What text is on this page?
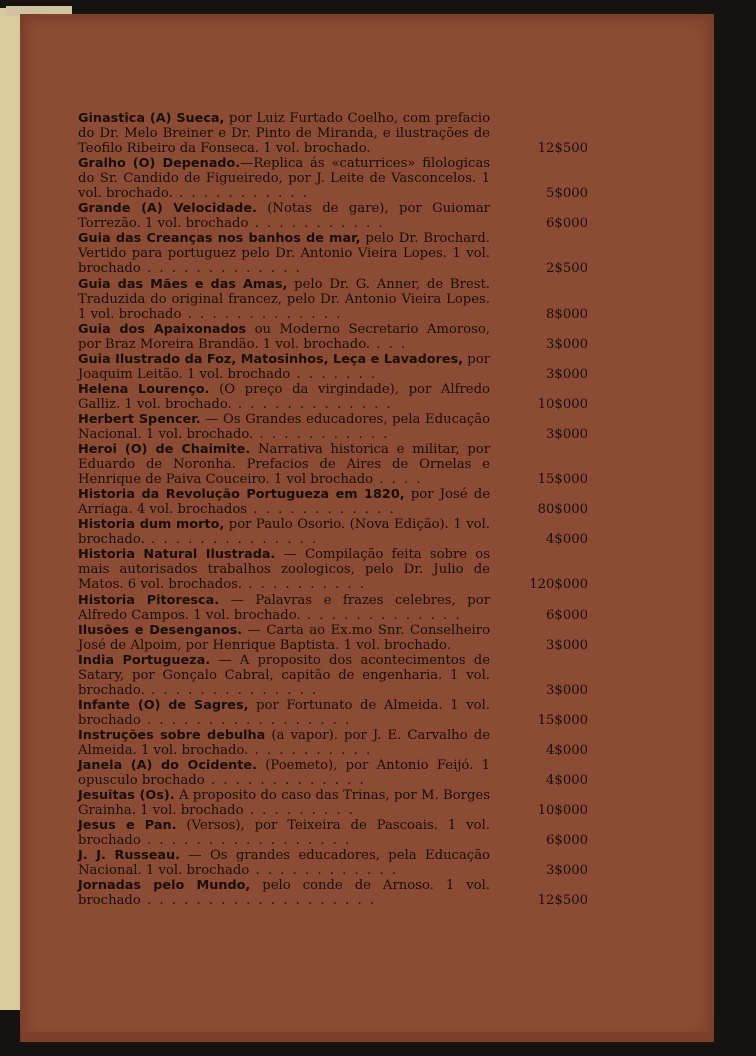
Ginastica (A) Sueca, por Luiz Furtado Coelho, com prefacio do Dr. Melo Breiner e Dr. Pinto de Miranda, e ilustrações de Teofilo Ribeiro da Fonseca. 1 vol. brochado.	12$500
Gralho (O) Depenado.—Replica ás «caturrices» filologicas do Sr. Candido de Figueiredo, por J. Leite de Vasconcelos. 1 vol. brochado. . . . . . . . . . . .	5$000
Grande (A) Velocidade. (Notas de gare), por Guiomar Torrezão. 1 vol. brochado . . . . . . . . . . .	6$000
Guia das Creanças nos banhos de mar, pelo Dr. Brochard. Vertido para portuguez pelo Dr. Antonio Vieira Lopes. 1 vol. brochado . . . . . . . . . . . . .	2$500
Guia das Mães e das Amas, pelo Dr. G. Anner, de Brest. Traduzida do original francez, pelo Dr. Antonio Vieira Lopes. 1 vol. brochado . . . . . . . . . . . . .	8$000
Guia dos Apaixonados ou Moderno Secretario Amoroso, por Braz Moreira Brandão. 1 vol. brochado. . . .	3$000
Guia Ilustrado da Foz, Matosinhos, Leça e Lavadores, por Joaquim Leitão. 1 vol. brochado . . . . . . .	3$000
Helena Lourenço. (O preço da virgindade), por Alfredo Galliz. 1 vol. brochado. . . . . . . . . . . . . .	10$000
Herbert Spencer. — Os Grandes educadores, pela Educação Nacional. 1 vol. brochado. . . . . . . . . . . .	3$000
Heroi (O) de Chaimite. Narrativa historica e militar, por Eduardo de Noronha. Prefacios de Aires de Ornelas e Henrique de Paiva Couceiro. 1 vol brochado . . . .	15$000
Historia da Revolução Portugueza em 1820, por José de Arriaga. 4 vol. brochados . . . . . . . . . . . .	80$000
Historia dum morto, por Paulo Osorio. (Nova Edição). 1 vol. brochado. . . . . . . . . . . . . . .	4$000
Historia Natural Ilustrada. — Compilação feita sobre os mais autorisados trabalhos zoologicos, pelo Dr. Julio de Matos. 6 vol. brochados. . . . . . . . . . .	120$000
Historia Pitoresca. — Palavras e frazes celebres, por Alfredo Campos. 1 vol. brochado. . . . . . . . . . . . . .	6$000
Ilusões e Desenganos. — Carta ao Ex.mo Snr. Conselheiro José de Alpoim, por Henrique Baptista. 1 vol. brochado.	3$000
India Portugueza. — A proposito dos acontecimentos de Satary, por Gonçalo Cabral, capitão de engenharia. 1 vol. brochado. . . . . . . . . . . . . . .	3$000
Infante (O) de Sagres, por Fortunato de Almeida. 1 vol. brochado . . . . . . . . . . . . . . . . .	15$000
Instruções sobre debulha (a vapor). por J. E. Carvalho de Almeida. 1 vol. brochado. . . . . . . . . . .	4$000
Janela (A) do Ocidente. (Poemeto), por Antonio Feijó. 1 opusculo brochado . . . . . . . . . . . . .	4$000
Jesuitas (Os). A proposito do caso das Trinas, por M. Borges Grainha. 1 vol. brochado . . . . . . . . .	10$000
Jesus e Pan. (Versos), por Teixeira de Pascoais. 1 vol. brochado . . . . . . . . . . . . . . . . .	6$000
J. J. Russeau. — Os grandes educadores, pela Educação Nacional. 1 vol. brochado . . . . . . . . . . . .	3$000
Jornadas pelo Mundo, pelo conde de Arnoso. 1 vol. brochado . . . . . . . . . . . . . . . . . . .	12$500
